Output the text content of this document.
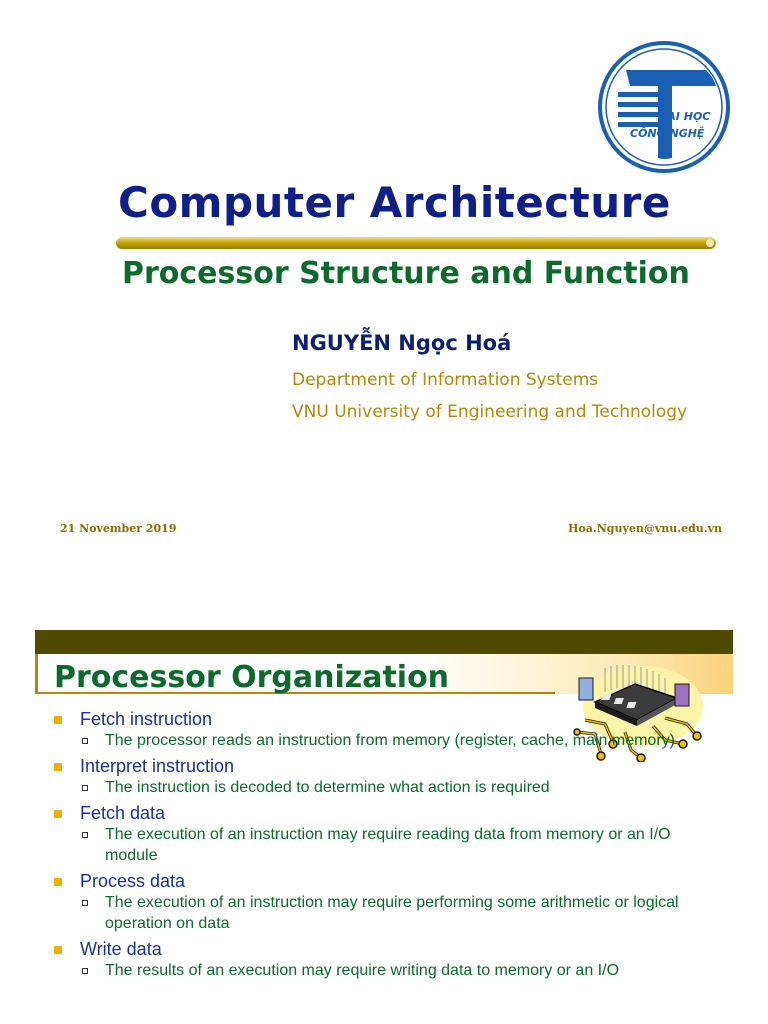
ĐẠI HỌC
CÔNG NGHỆ
Computer Architecture
Processor Structure and Function
NGUYỄN Ngọc Hoá
Department of Information Systems
VNU University of Engineering and Technology
21 November 2019	Hoa.Nguyen@vnu.edu.vn
Processor Organization
Fetch instruction
The processor reads an instruction from memory (register, cache, main memory)
Interpret instruction
The instruction is decoded to determine what action is required
Fetch data
The execution of an instruction may require reading data from memory or an I/O module
Process data
The execution of an instruction may require performing some arithmetic or logical operation on data
Write data
The results of an execution may require writing data to memory or an I/O
